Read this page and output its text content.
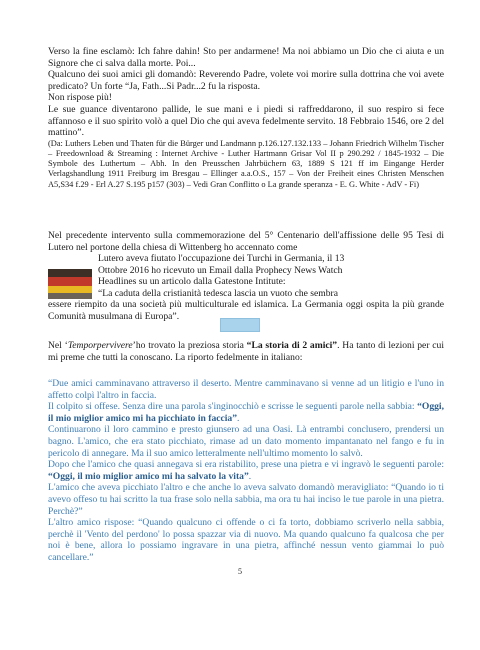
Verso la fine esclamò: Ich fahre dahin! Sto per andarmene! Ma noi abbiamo un Dio che ci aiuta e un Signore che ci salva dalla morte. Poi...

Qualcuno dei suoi amici gli domandò: Reverendo Padre, volete voi morire sulla dottrina che voi avete predicato? Un forte “Ja, Fath...Si Padr...2 fu la risposta.

Non rispose più!

Le sue guance diventarono pallide, le sue mani e i piedi si raffreddarono, il suo respiro si fece affannoso e il suo spirito volò a quel Dio che qui aveva fedelmente servito. 18 Febbraio 1546, ore 2 del mattino”.

(Da: Luthers Leben und Thaten für die Bürger und Landmann p.126.127.132.133 – Johann Friedrich Wilhelm Tischer – Freedownload & Streaming : Internet Archive - Luther Hartmann Grisar Vol II p 290.292 / 1845-1932 – Die Symbole des Luthertum – Abh. In den Preusschen Jahrbüchern 63, 1889 S 121 ff im Eingange Herder Verlagshandlung 1911 Freiburg im Bresgau – Ellinger a.a.O.S., 157 – Von der Freiheit eines Christen Menschen A5,S34 f.29 - Erl A.27 S.195 p157 (303) – Vedi Gran Conflitto o La grande speranza - E. G. White - AdV - Fi)

Nel precedente intervento sulla commemorazione del 5° Centenario dell'affissione delle 95 Tesi di Lutero nel portone della chiesa di Wittenberg ho accennato come

Lutero aveva fiutato l'occupazione dei Turchi in Germania, il 13

Ottobre 2016 ho ricevuto un Email dalla Prophecy News Watch

Headlines su un articolo dalla Gatestone Intitute:

“La caduta della cristianità tedesca lascia un vuoto che sembra

essere riempito da una società più multiculturale ed islamica. La Germania oggi ospita la più grande Comunità musulmana di Europa”.
Nel ‘Temporpervivere’ho trovato la preziosa storia “La storia di 2 amici”. Ha tanto di lezioni per cui mi preme che tutti la conoscano. La riporto fedelmente in italiano:

“Due amici camminavano attraverso il deserto. Mentre camminavano si venne ad un litigio e l'uno in affetto colpì l'altro in faccia.

Il colpito si offese. Senza dire una parola s'inginocchiò e scrisse le seguenti parole nella sabbia: “Oggi, il mio miglior amico mi ha picchiato in faccia”.

Continuarono il loro cammino e presto giunsero ad una Oasi. Là entrambi conclusero, prendersi un bagno. L'amico, che era stato picchiato, rimase ad un dato momento impantanato nel fango e fu in pericolo di annegare. Ma il suo amico letteralmente nell'ultimo momento lo salvò.

Dopo che l'amico che quasi annegava si era ristabilito, prese una pietra e vi ingravò le seguenti parole: “Oggi, il mio miglior amico mi ha salvato la vita”.

L'amico che aveva picchiato l'altro e che anche lo aveva salvato domandò meravigliato: “Quando io ti avevo offeso tu hai scritto la tua frase solo nella sabbia, ma ora tu hai inciso le tue parole in una pietra. Perchè?”

L'altro amico rispose: “Quando qualcuno ci offende o ci fa torto, dobbiamo scriverlo nella sabbia, perchè il 'Vento del perdono' lo possa spazzar via di nuovo. Ma quando qualcuno fa qualcosa che per noi è bene, allora lo possiamo ingravare in una pietra, affinché nessun vento giammai lo può cancellare.”

5
